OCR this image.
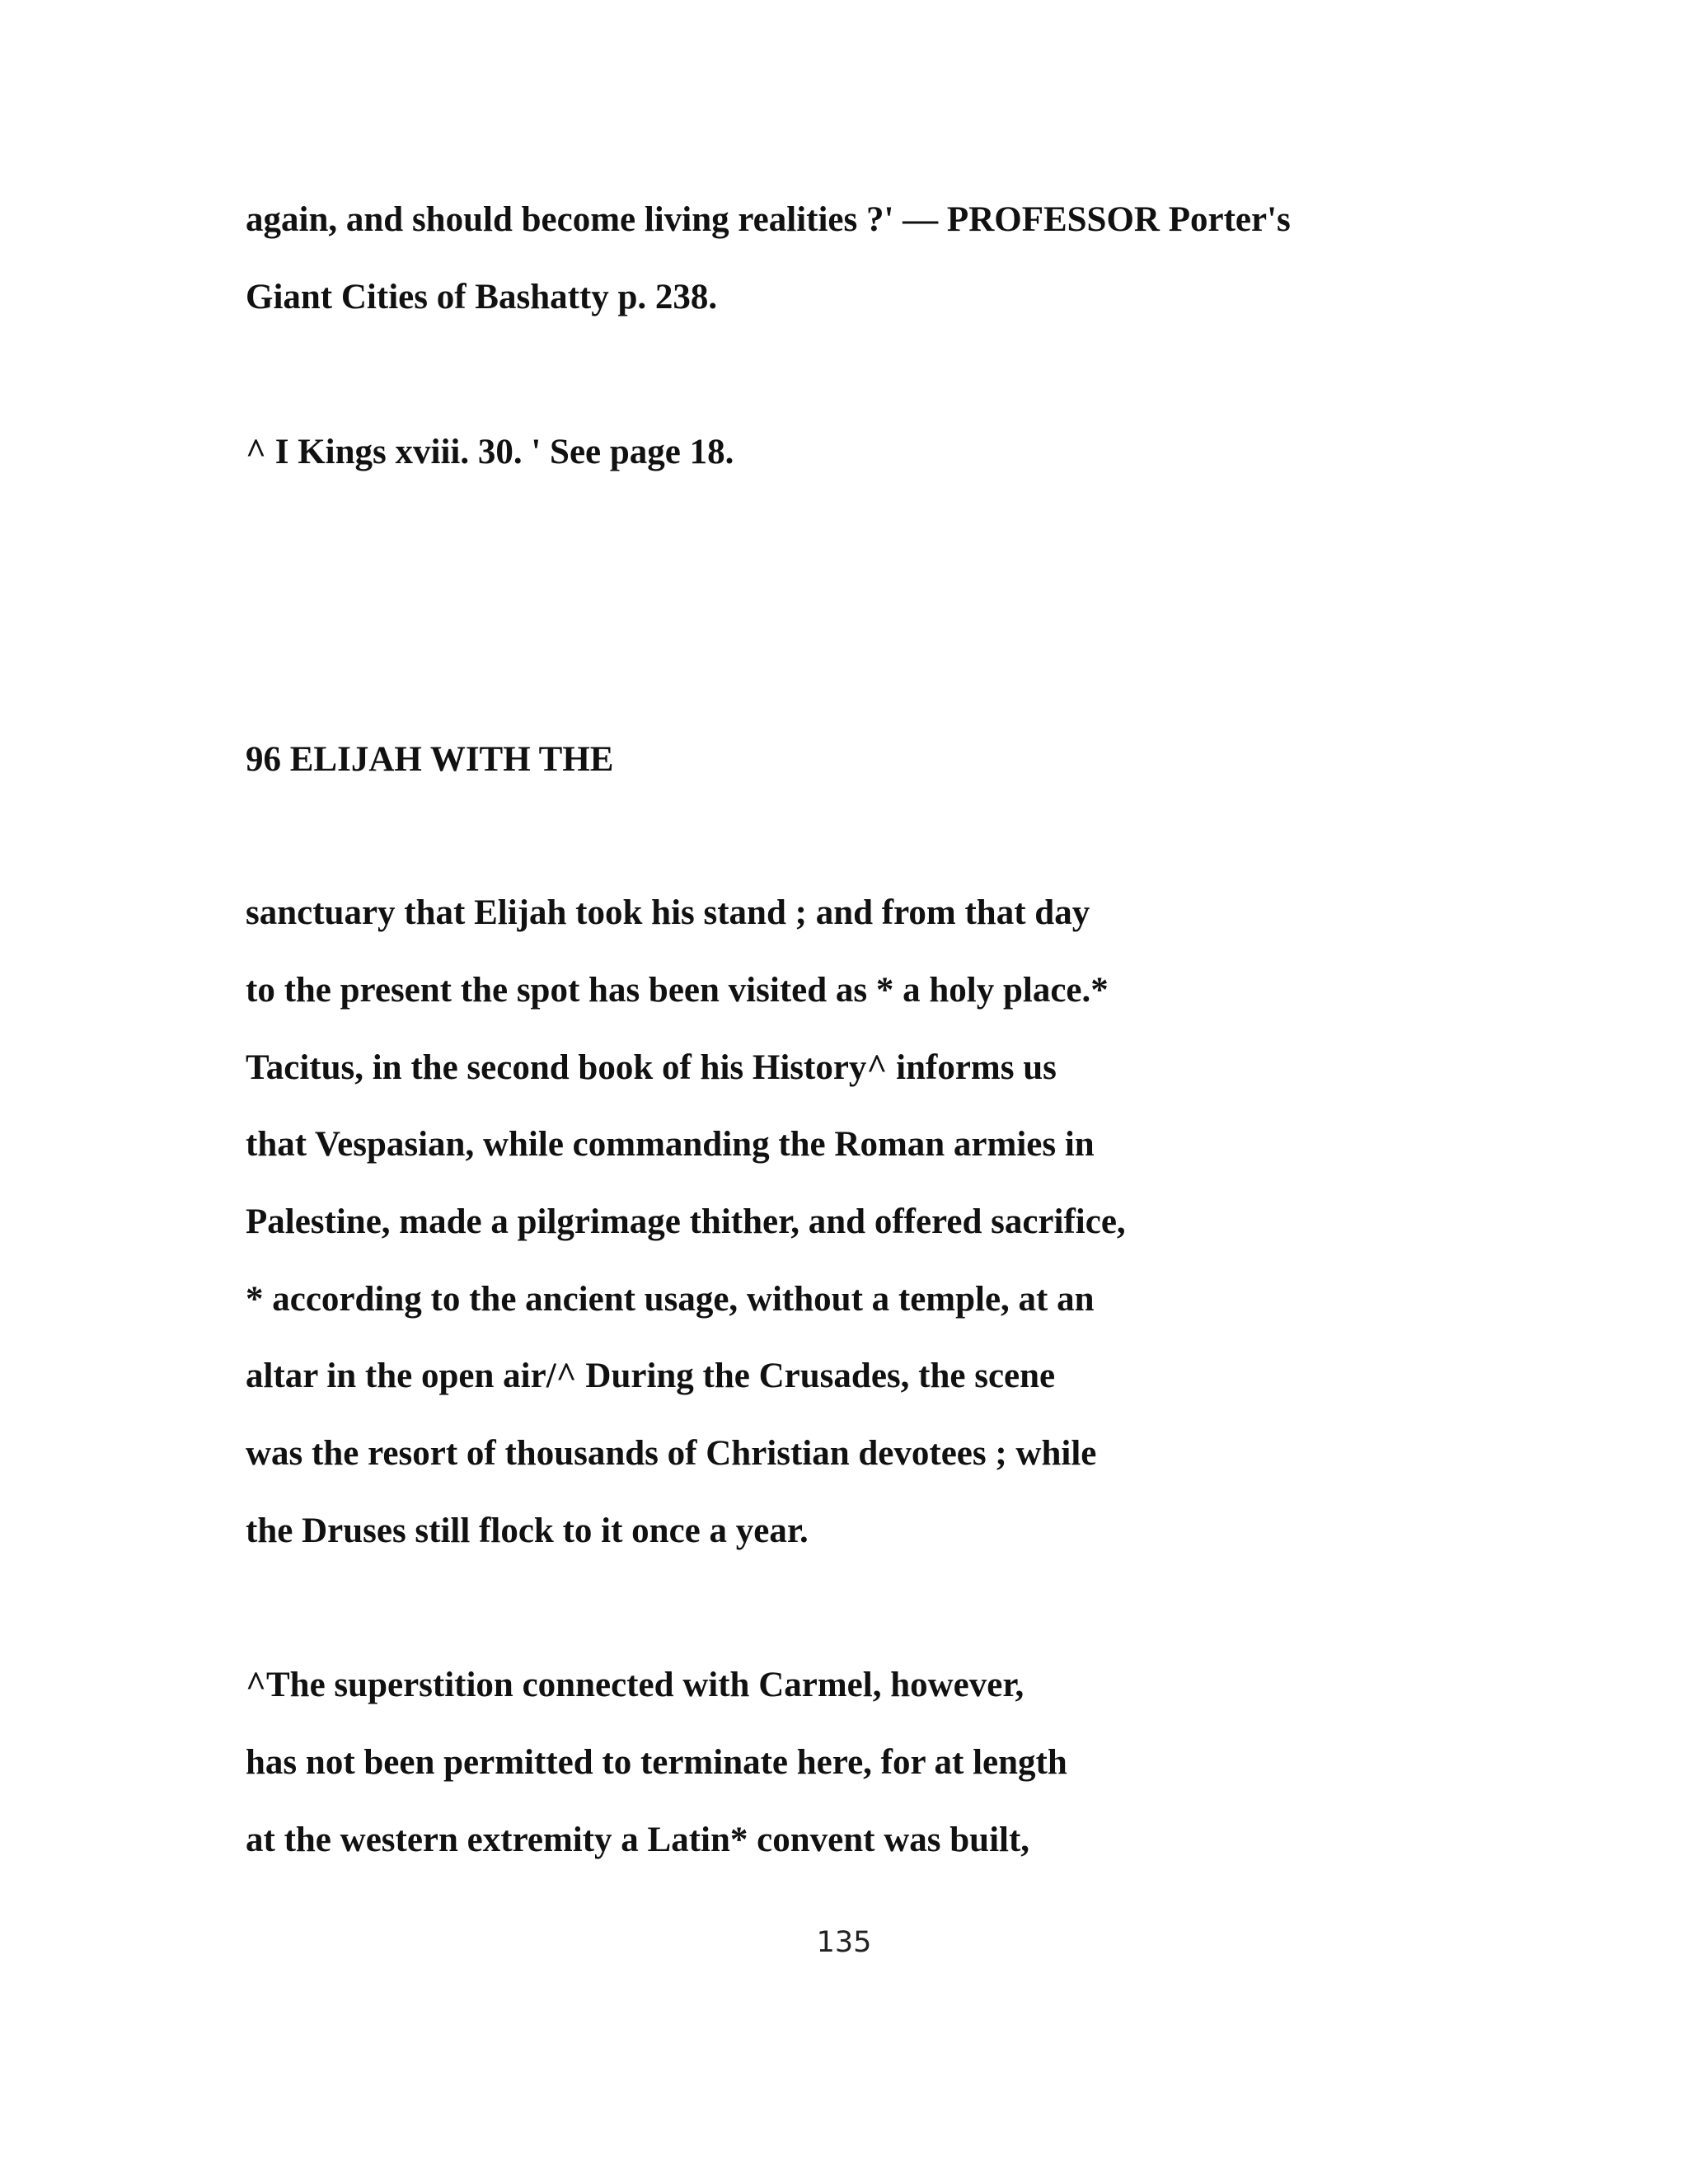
again, and should become living realities ?' — PROFESSOR Porter's

Giant Cities of Bashatty p. 238.

^ I Kings xviii. 30. ' See page 18.

96 ELIJAH WITH THE

sanctuary that Elijah took his stand ; and from that day

to the present the spot has been visited as * a holy place.*

Tacitus, in the second book of his History^ informs us

that Vespasian, while commanding the Roman armies in

Palestine, made a pilgrimage thither, and offered sacrifice,

* according to the ancient usage, without a temple, at an

altar in the open air/^ During the Crusades, the scene

was the resort of thousands of Christian devotees ; while

the Druses still flock to it once a year.

^The superstition connected with Carmel, however,

has not been permitted to terminate here, for at length

at the western extremity a Latin* convent was built,

135
